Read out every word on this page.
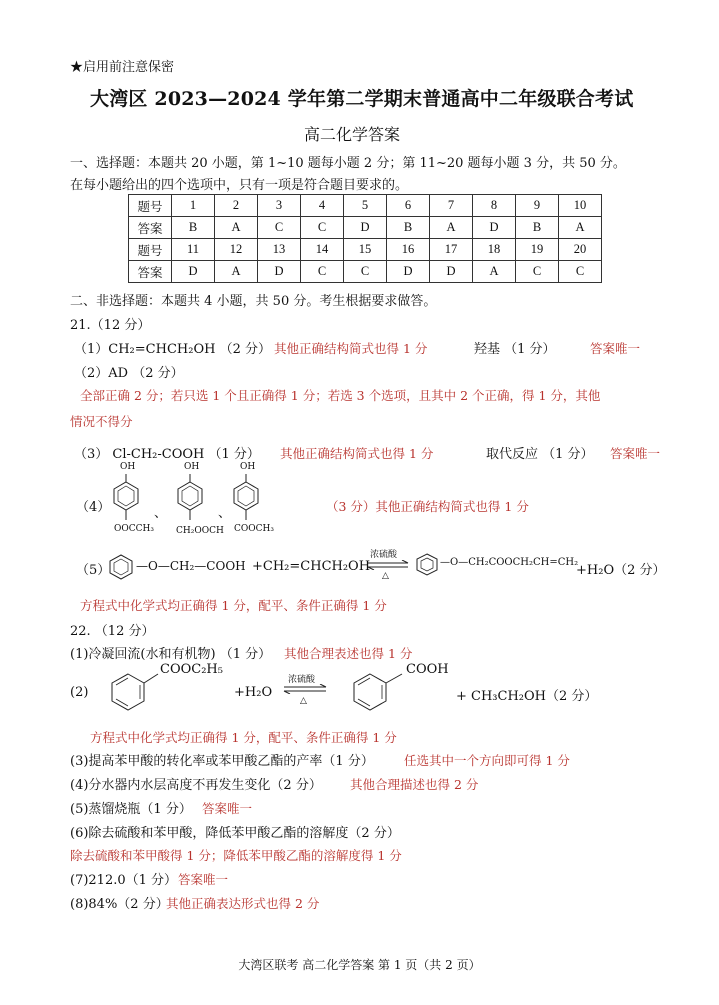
★启用前注意保密
大湾区 2023—2024 学年第二学期末普通高中二年级联合考试
高二化学答案
一、选择题：本题共 20 小题，第 1~10 题每小题 2 分；第 11~20 题每小题 3 分，共 50 分。
在每小题给出的四个选项中，只有一项是符合题目要求的。
题号	1	2	3	4	5	6	7	8	9	10
答案	B	A	C	C	D	B	A	D	B	A
题号	11	12	13	14	15	16	17	18	19	20
答案	D	A	D	C	C	D	D	A	C	C
二、非选择题：本题共 4 小题，共 50 分。考生根据要求做答。
21.（12 分）
（1）CH₂=CHCH₂OH （2 分） 其他正确结构简式也得 1 分	羟基 （1 分）	答案唯一
（2）AD （2 分）
全部正确 2 分；若只选 1 个且正确得 1 分；若选 3 个选项，且其中 2 个正确，得 1 分，其他
情况不得分
（3） Cl-CH₂-COOH （1 分） 其他正确结构简式也得 1 分	取代反应 （1 分） 答案唯一
（4）
OH
OOCCH₃
、
OH
CH₂OOCH
、
OH
COOCH₃
（3 分）其他正确结构简式也得 1 分
（5） —O—CH₂—COOH +CH₂=CHCH₂OH
浓硫酸
△
—O—CH₂COOCH₂CH=CH₂
+H₂O（2 分）
方程式中化学式均正确得 1 分，配平、条件正确得 1 分
22. （12 分）
(1)冷凝回流(水和有机物) （1 分） 其他合理表述也得 1 分
(2)
COOC₂H₅
+H₂O
浓硫酸
△
COOH
+ CH₃CH₂OH（2 分）
方程式中化学式均正确得 1 分，配平、条件正确得 1 分
(3)提高苯甲酸的转化率或苯甲酸乙酯的产率（1 分） 任选其中一个方向即可得 1 分
(4)分水器内水层高度不再发生变化（2 分） 其他合理描述也得 2 分
(5)蒸馏烧瓶（1 分） 答案唯一
(6)除去硫酸和苯甲酸，降低苯甲酸乙酯的溶解度（2 分）
除去硫酸和苯甲酸得 1 分；降低苯甲酸乙酯的溶解度得 1 分
(7)212.0（1 分） 答案唯一
(8)84%（2 分）
其他正确表达形式也得 2 分
大湾区联考 高二化学答案 第 1 页（共 2 页）
